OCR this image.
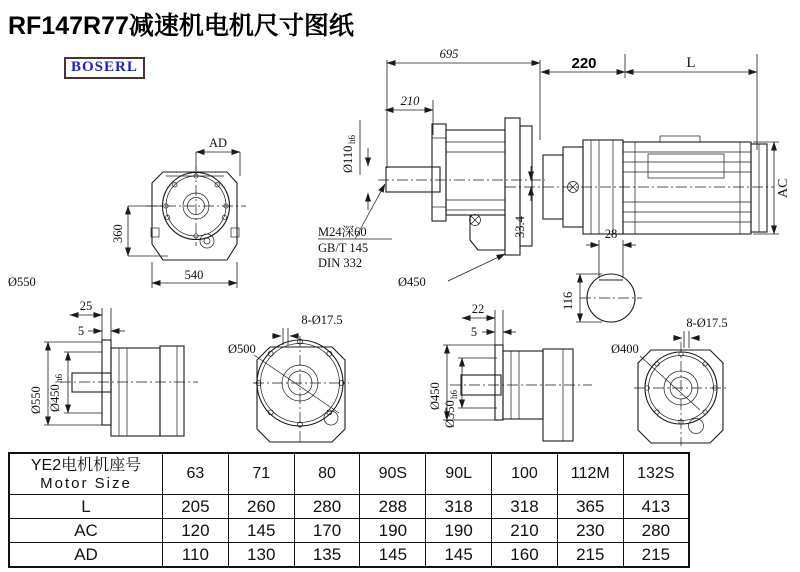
RF147R77减速机电机尺寸图纸
BOSERL
AD
360
540
Ø550
695
220	L
210
Ø110
h6
M24深60
GB/T 145
DIN 332
33.4
Ø450
AC
28
116
25
5
Ø550 Ø450
h6
Ø500
8-Ø17.5
22
5
Ø450
Ø350
h6
Ø400
8-Ø17.5
YE2电机机座号
Motor Size	63	71	80	90S	90L	100	112M	132S
L	205	260	280	288	318	318	365	413
AC	120	145	170	190	190	210	230	280
AD	110	130	135	145	145	160	215	215
